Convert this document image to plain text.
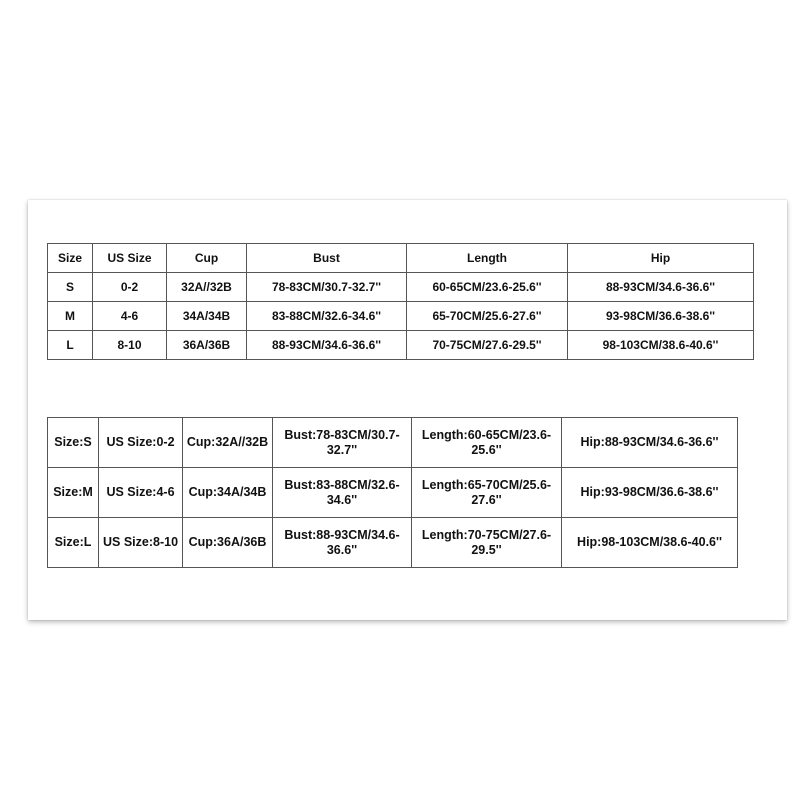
Size	US Size	Cup	Bust	Length	Hip
S	0-2	32A//32B	78-83CM/30.7-32.7''	60-65CM/23.6-25.6''	88-93CM/34.6-36.6''
M	4-6	34A/34B	83-88CM/32.6-34.6''	65-70CM/25.6-27.6''	93-98CM/36.6-38.6''
L	8-10	36A/36B	88-93CM/34.6-36.6''	70-75CM/27.6-29.5''	98-103CM/38.6-40.6''
Size:S	US Size:0-2	Cup:32A//32B	Bust:78-83CM/30.7-32.7''	Length:60-65CM/23.6-25.6''	Hip:88-93CM/34.6-36.6''
Size:M	US Size:4-6	Cup:34A/34B	Bust:83-88CM/32.6-34.6''	Length:65-70CM/25.6-27.6''	Hip:93-98CM/36.6-38.6''
Size:L	US Size:8-10	Cup:36A/36B	Bust:88-93CM/34.6-36.6''	Length:70-75CM/27.6-29.5''	Hip:98-103CM/38.6-40.6''
